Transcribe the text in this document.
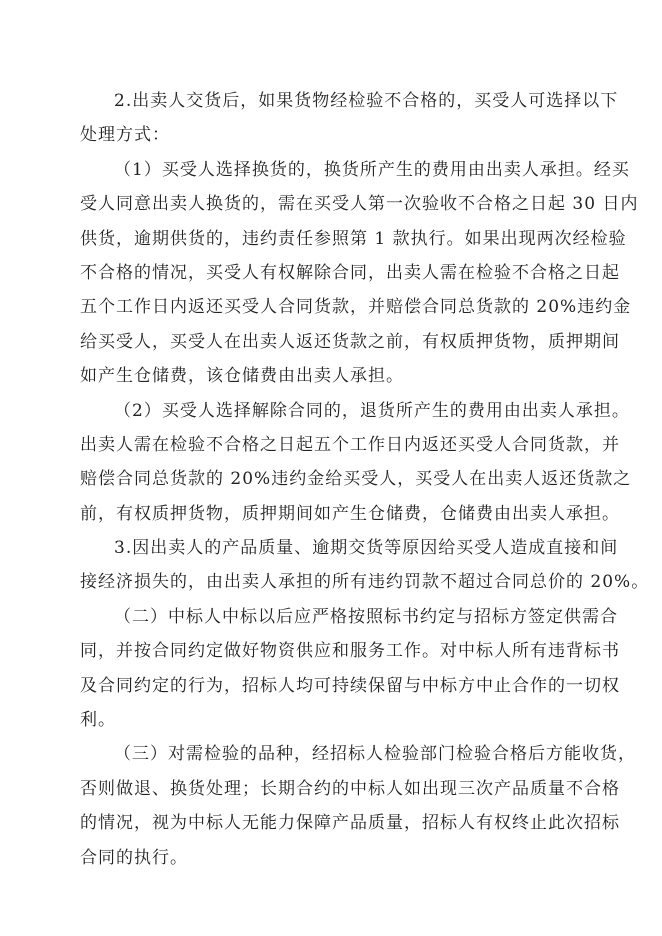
2.出卖人交货后，如果货物经检验不合格的，买受人可选择以下
处理方式：
（1）买受人选择换货的，换货所产生的费用由出卖人承担。经买
受人同意出卖人换货的，需在买受人第一次验收不合格之日起 30 日内
供货，逾期供货的，违约责任参照第 1 款执行。如果出现两次经检验
不合格的情况，买受人有权解除合同，出卖人需在检验不合格之日起
五个工作日内返还买受人合同货款，并赔偿合同总货款的 20%违约金
给买受人，买受人在出卖人返还货款之前，有权质押货物，质押期间
如产生仓储费，该仓储费由出卖人承担。
（2）买受人选择解除合同的，退货所产生的费用由出卖人承担。
出卖人需在检验不合格之日起五个工作日内返还买受人合同货款，并
赔偿合同总货款的 20%违约金给买受人，买受人在出卖人返还货款之
前，有权质押货物，质押期间如产生仓储费，仓储费由出卖人承担。
3.因出卖人的产品质量、逾期交货等原因给买受人造成直接和间
接经济损失的，由出卖人承担的所有违约罚款不超过合同总价的 20%。
（二）中标人中标以后应严格按照标书约定与招标方签定供需合
同，并按合同约定做好物资供应和服务工作。对中标人所有违背标书
及合同约定的行为，招标人均可持续保留与中标方中止合作的一切权
利。
（三）对需检验的品种，经招标人检验部门检验合格后方能收货，
否则做退、换货处理；长期合约的中标人如出现三次产品质量不合格
的情况，视为中标人无能力保障产品质量，招标人有权终止此次招标
合同的执行。
